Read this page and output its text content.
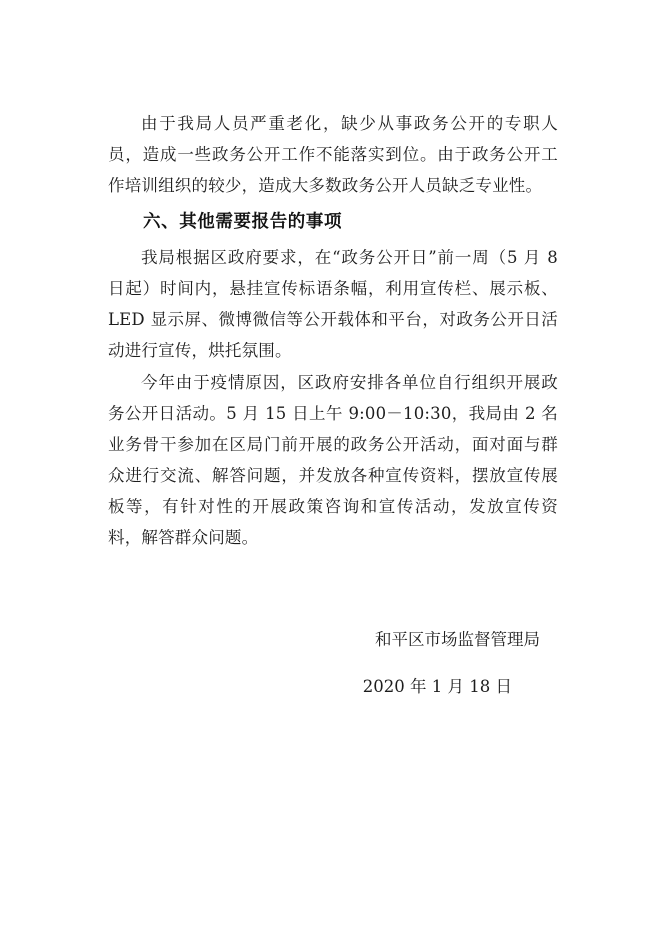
由于我局人员严重老化，缺少从事政务公开的专职人员，造成一些政务公开工作不能落实到位。由于政务公开工作培训组织的较少，造成大多数政务公开人员缺乏专业性。

六、其他需要报告的事项

我局根据区政府要求，在“政务公开日”前一周（5 月 8 日起）时间内，悬挂宣传标语条幅，利用宣传栏、展示板、LED 显示屏、微博微信等公开载体和平台，对政务公开日活动进行宣传，烘托氛围。

今年由于疫情原因，区政府安排各单位自行组织开展政务公开日活动。5 月 15 日上午 9:00－10:30，我局由 2 名业务骨干参加在区局门前开展的政务公开活动，面对面与群众进行交流、解答问题，并发放各种宣传资料，摆放宣传展板等，有针对性的开展政策咨询和宣传活动，发放宣传资料，解答群众问题。

和平区市场监督管理局

2020 年 1 月 18 日
